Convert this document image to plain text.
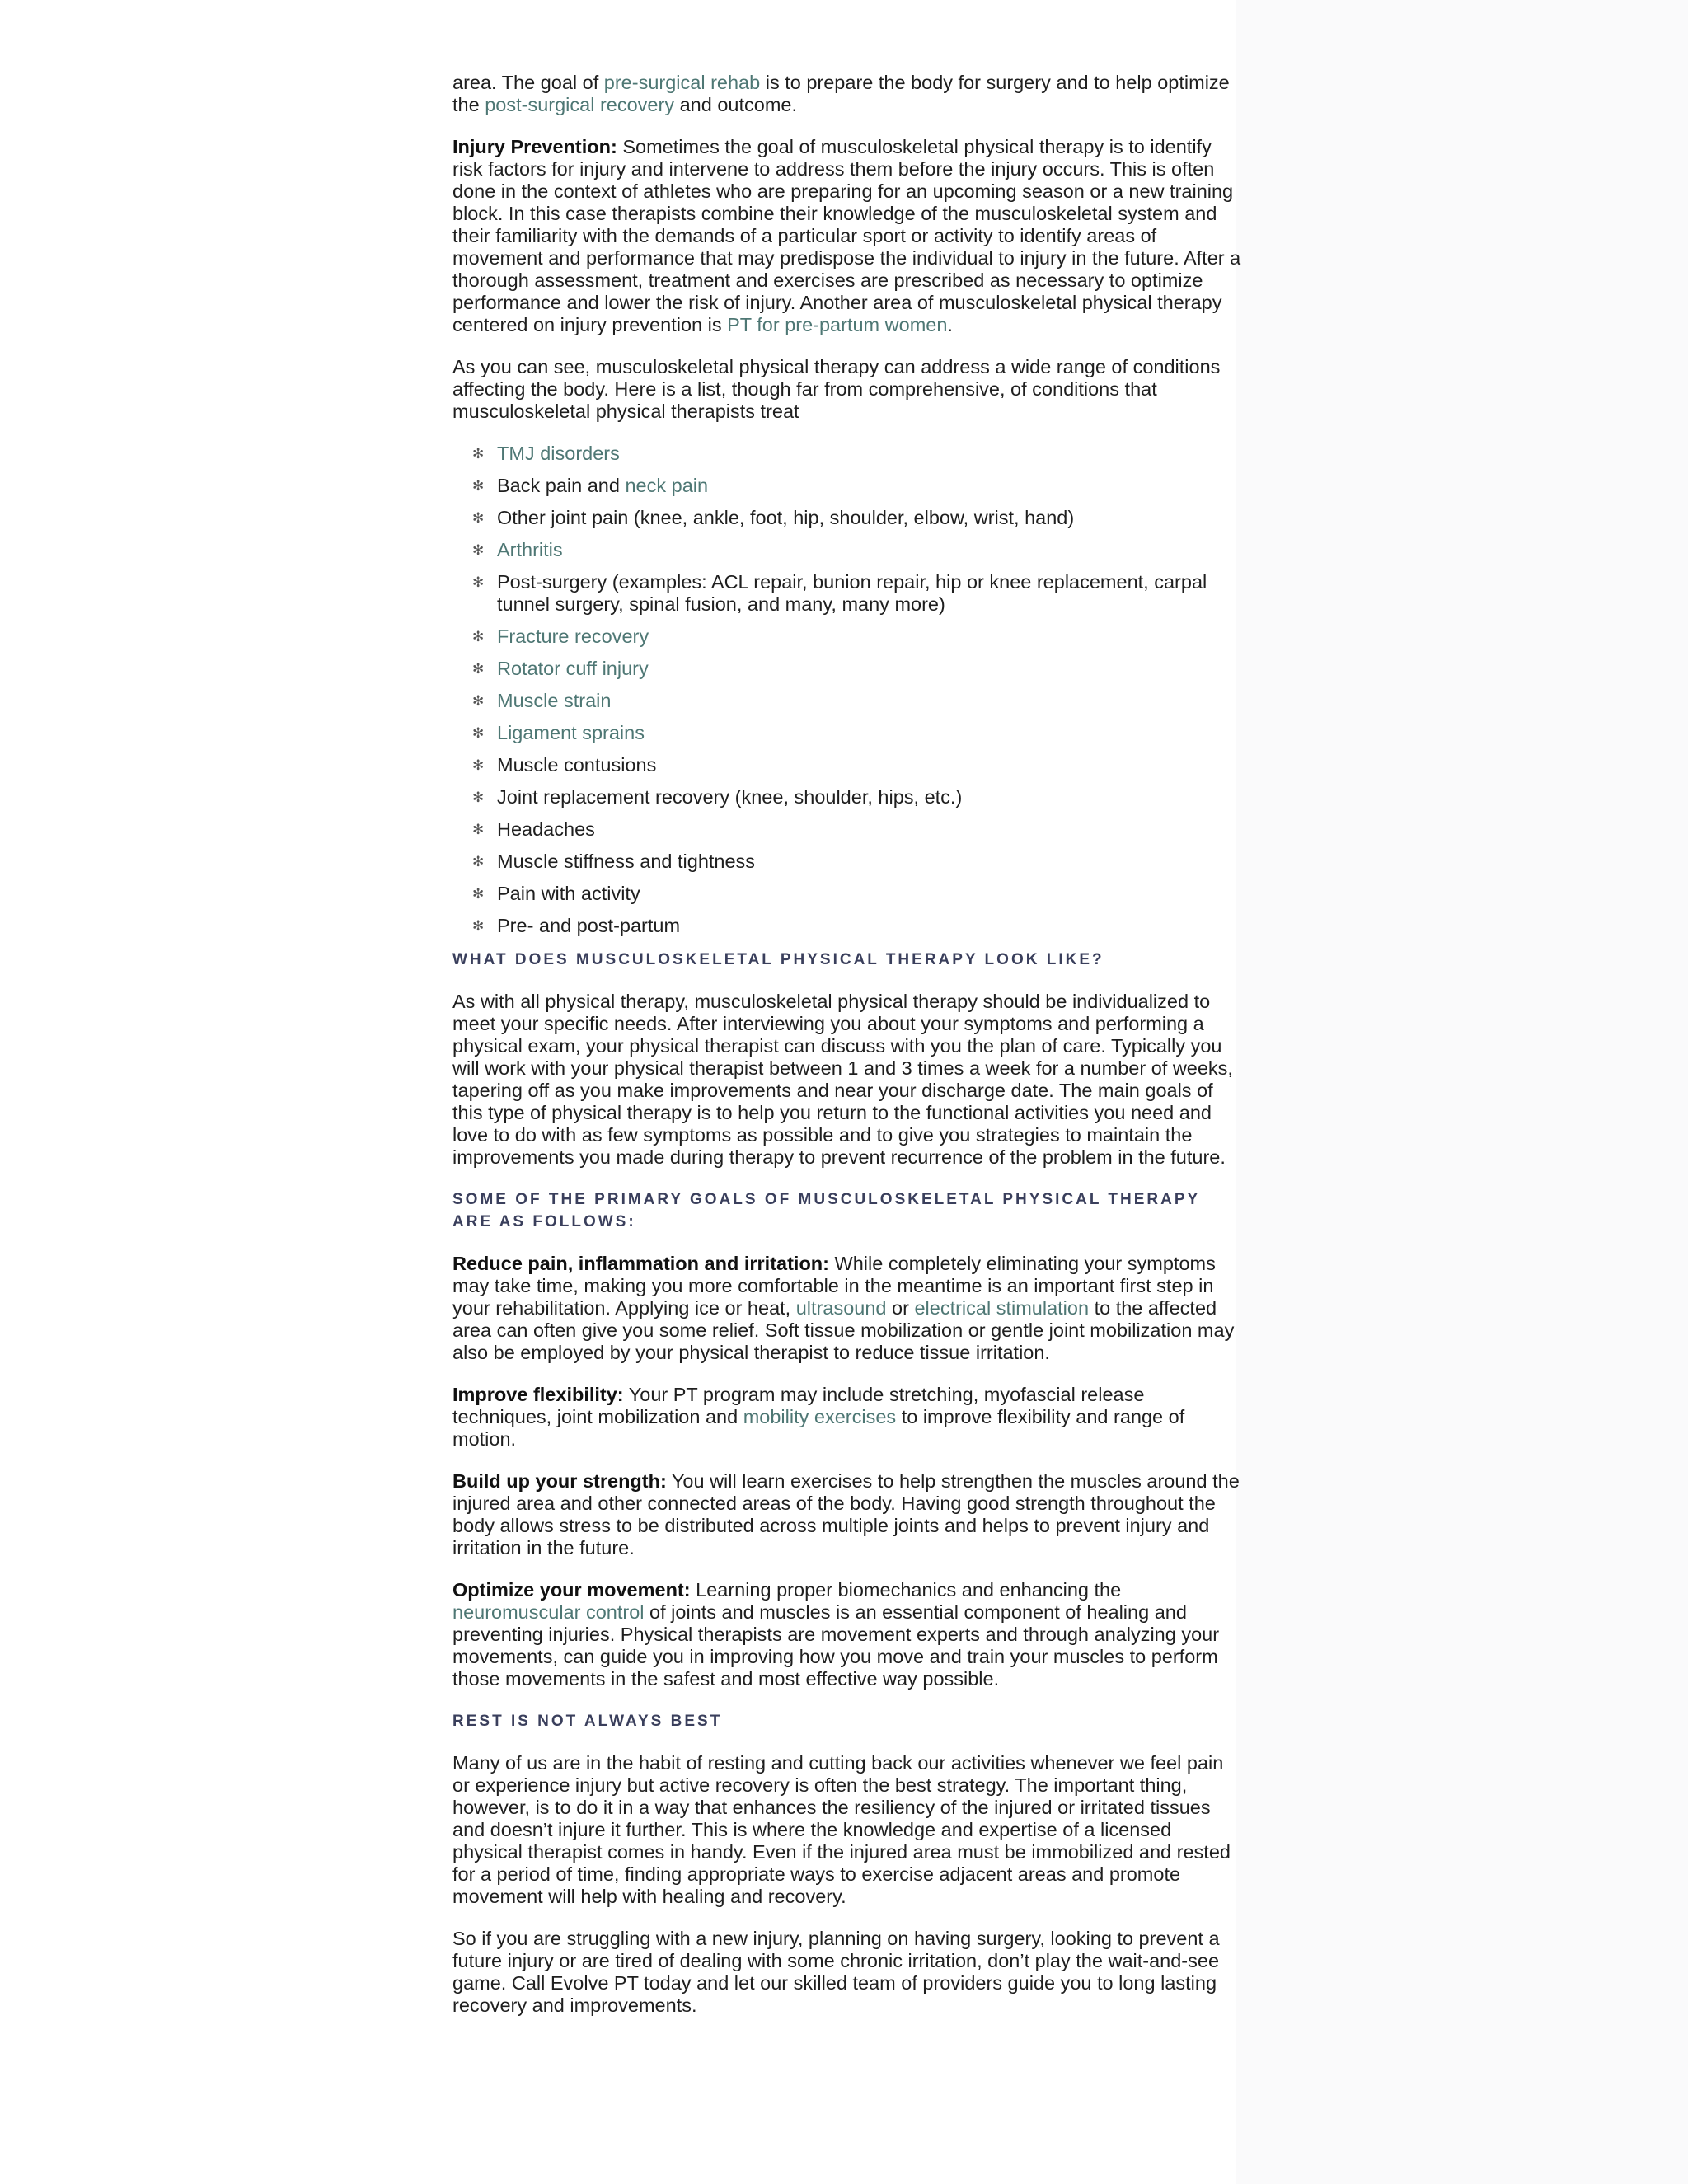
area. The goal of pre-surgical rehab is to prepare the body for surgery and to help optimize the post-surgical recovery and outcome.

Injury Prevention: Sometimes the goal of musculoskeletal physical therapy is to identify risk factors for injury and intervene to address them before the injury occurs. This is often done in the context of athletes who are preparing for an upcoming season or a new training block. In this case therapists combine their knowledge of the musculoskeletal system and their familiarity with the demands of a particular sport or activity to identify areas of movement and performance that may predispose the individual to injury in the future. After a thorough assessment, treatment and exercises are prescribed as necessary to optimize performance and lower the risk of injury. Another area of musculoskeletal physical therapy centered on injury prevention is PT for pre-partum women.

As you can see, musculoskeletal physical therapy can address a wide range of conditions affecting the body. Here is a list, though far from comprehensive, of conditions that musculoskeletal physical therapists treat

✻ TMJ disorders
✻ Back pain and neck pain
✻ Other joint pain (knee, ankle, foot, hip, shoulder, elbow, wrist, hand)
✻ Arthritis
✻ Post-surgery (examples: ACL repair, bunion repair, hip or knee replacement, carpal tunnel surgery, spinal fusion, and many, many more)
✻ Fracture recovery
✻ Rotator cuff injury
✻ Muscle strain
✻ Ligament sprains
✻ Muscle contusions
✻ Joint replacement recovery (knee, shoulder, hips, etc.)
✻ Headaches
✻ Muscle stiffness and tightness
✻ Pain with activity
✻ Pre- and post-partum
WHAT DOES MUSCULOSKELETAL PHYSICAL THERAPY LOOK LIKE?

As with all physical therapy, musculoskeletal physical therapy should be individualized to meet your specific needs. After interviewing you about your symptoms and performing a physical exam, your physical therapist can discuss with you the plan of care. Typically you will work with your physical therapist between 1 and 3 times a week for a number of weeks, tapering off as you make improvements and near your discharge date. The main goals of this type of physical therapy is to help you return to the functional activities you need and love to do with as few symptoms as possible and to give you strategies to maintain the improvements you made during therapy to prevent recurrence of the problem in the future.

SOME OF THE PRIMARY GOALS OF MUSCULOSKELETAL PHYSICAL THERAPY ARE AS FOLLOWS:

Reduce pain, inflammation and irritation: While completely eliminating your symptoms may take time, making you more comfortable in the meantime is an important first step in your rehabilitation. Applying ice or heat, ultrasound or electrical stimulation to the affected area can often give you some relief. Soft tissue mobilization or gentle joint mobilization may also be employed by your physical therapist to reduce tissue irritation.

Improve flexibility: Your PT program may include stretching, myofascial release techniques, joint mobilization and mobility exercises to improve flexibility and range of motion.

Build up your strength: You will learn exercises to help strengthen the muscles around the injured area and other connected areas of the body. Having good strength throughout the body allows stress to be distributed across multiple joints and helps to prevent injury and irritation in the future.

Optimize your movement: Learning proper biomechanics and enhancing the neuromuscular control of joints and muscles is an essential component of healing and preventing injuries. Physical therapists are movement experts and through analyzing your movements, can guide you in improving how you move and train your muscles to perform those movements in the safest and most effective way possible.

REST IS NOT ALWAYS BEST

Many of us are in the habit of resting and cutting back our activities whenever we feel pain or experience injury but active recovery is often the best strategy. The important thing, however, is to do it in a way that enhances the resiliency of the injured or irritated tissues and doesn’t injure it further. This is where the knowledge and expertise of a licensed physical therapist comes in handy. Even if the injured area must be immobilized and rested for a period of time, finding appropriate ways to exercise adjacent areas and promote movement will help with healing and recovery.

So if you are struggling with a new injury, planning on having surgery, looking to prevent a future injury or are tired of dealing with some chronic irritation, don’t play the wait-and-see game. Call Evolve PT today and let our skilled team of providers guide you to long lasting recovery and improvements.
